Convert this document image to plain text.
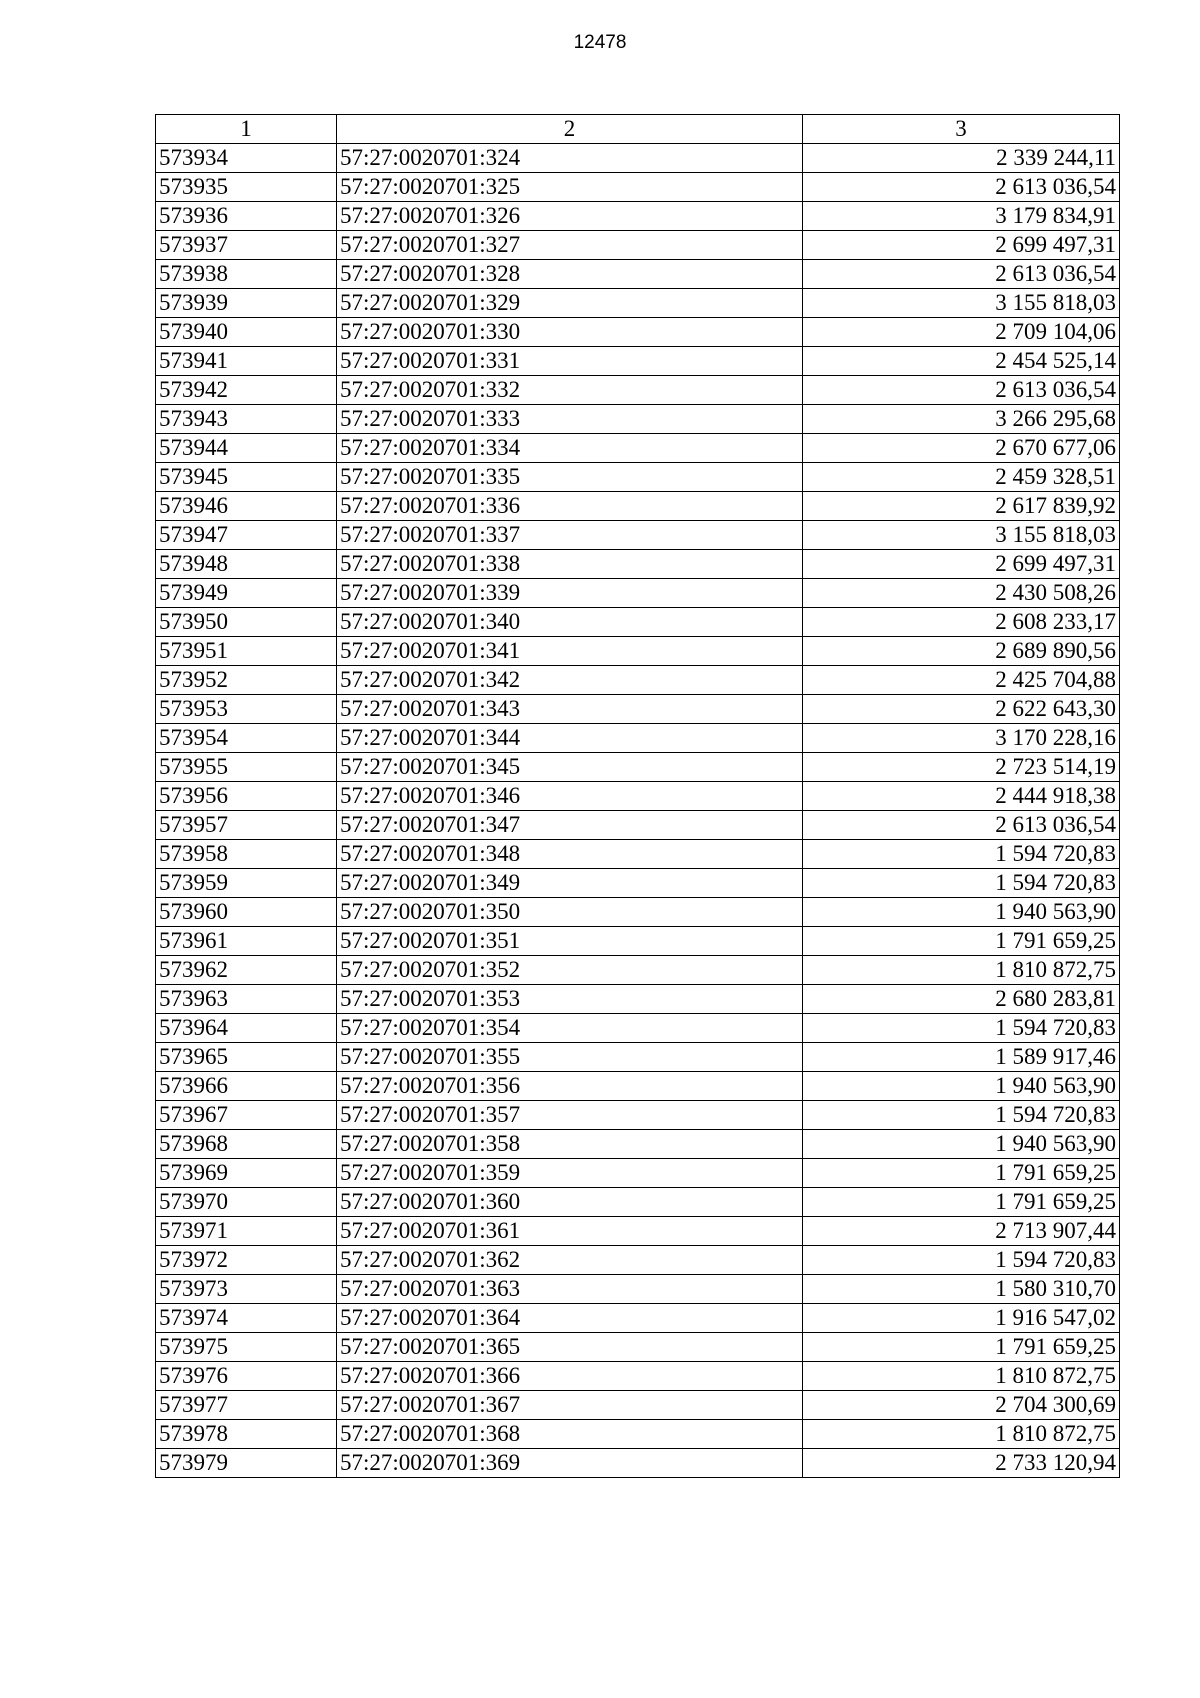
12478
1	2	3
573934	57:27:0020701:324	2 339 244,11
573935	57:27:0020701:325	2 613 036,54
573936	57:27:0020701:326	3 179 834,91
573937	57:27:0020701:327	2 699 497,31
573938	57:27:0020701:328	2 613 036,54
573939	57:27:0020701:329	3 155 818,03
573940	57:27:0020701:330	2 709 104,06
573941	57:27:0020701:331	2 454 525,14
573942	57:27:0020701:332	2 613 036,54
573943	57:27:0020701:333	3 266 295,68
573944	57:27:0020701:334	2 670 677,06
573945	57:27:0020701:335	2 459 328,51
573946	57:27:0020701:336	2 617 839,92
573947	57:27:0020701:337	3 155 818,03
573948	57:27:0020701:338	2 699 497,31
573949	57:27:0020701:339	2 430 508,26
573950	57:27:0020701:340	2 608 233,17
573951	57:27:0020701:341	2 689 890,56
573952	57:27:0020701:342	2 425 704,88
573953	57:27:0020701:343	2 622 643,30
573954	57:27:0020701:344	3 170 228,16
573955	57:27:0020701:345	2 723 514,19
573956	57:27:0020701:346	2 444 918,38
573957	57:27:0020701:347	2 613 036,54
573958	57:27:0020701:348	1 594 720,83
573959	57:27:0020701:349	1 594 720,83
573960	57:27:0020701:350	1 940 563,90
573961	57:27:0020701:351	1 791 659,25
573962	57:27:0020701:352	1 810 872,75
573963	57:27:0020701:353	2 680 283,81
573964	57:27:0020701:354	1 594 720,83
573965	57:27:0020701:355	1 589 917,46
573966	57:27:0020701:356	1 940 563,90
573967	57:27:0020701:357	1 594 720,83
573968	57:27:0020701:358	1 940 563,90
573969	57:27:0020701:359	1 791 659,25
573970	57:27:0020701:360	1 791 659,25
573971	57:27:0020701:361	2 713 907,44
573972	57:27:0020701:362	1 594 720,83
573973	57:27:0020701:363	1 580 310,70
573974	57:27:0020701:364	1 916 547,02
573975	57:27:0020701:365	1 791 659,25
573976	57:27:0020701:366	1 810 872,75
573977	57:27:0020701:367	2 704 300,69
573978	57:27:0020701:368	1 810 872,75
573979	57:27:0020701:369	2 733 120,94
